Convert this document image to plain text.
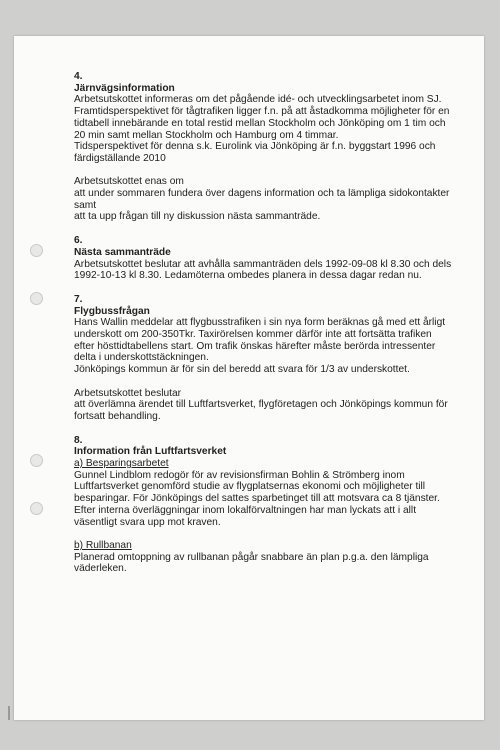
4.

Järnvägsinformation

Arbetsutskottet informeras om det pågående idé- och utvecklingsarbetet inom SJ. Framtidsperspektivet för tågtrafiken ligger f.n. på att åstadkomma möjligheter för en tidtabell innebärande en total restid mellan Stockholm och Jönköping om 1 tim och 20 min samt mellan Stockholm och Hamburg om 4 timmar.

Tidsperspektivet för denna s.k. Eurolink via Jönköping är f.n. byggstart 1996 och färdigställande 2010

Arbetsutskottet enas om

att under sommaren fundera över dagens information och ta lämpliga sidokontakter samt

att ta upp frågan till ny diskussion nästa sammanträde.

6.

Nästa sammanträde

Arbetsutskottet beslutar att avhålla sammanträden dels 1992-09-08 kl 8.30 och dels 1992-10-13 kl 8.30. Ledamöterna ombedes planera in dessa dagar redan nu.

7.

Flygbussfrågan

Hans Wallin meddelar att flygbusstrafiken i sin nya form beräknas gå med ett årligt underskott om 200-350Tkr. Taxirörelsen kommer därför inte att fortsätta trafiken efter hösttidtabellens start. Om trafik önskas härefter måste berörda intressenter delta i underskottstäckningen.

Jönköpings kommun är för sin del beredd att svara för 1/3 av underskottet.

Arbetsutskottet beslutar

att överlämna ärendet till Luftfartsverket, flygföretagen och Jönköpings kommun för fortsatt behandling.

8.

Information från Luftfartsverket

a) Besparingsarbetet

Gunnel Lindblom redogör för av revisionsfirman Bohlin & Strömberg inom Luftfartsverket genomförd studie av flygplatsernas ekonomi och möjligheter till besparingar. För Jönköpings del sattes sparbetinget till att motsvara ca 8 tjänster.

Efter interna överläggningar inom lokalförvaltningen har man lyckats att i allt väsentligt svara upp mot kraven.

b) Rullbanan

Planerad omtoppning av rullbanan pågår snabbare än plan p.g.a. den lämpliga väderleken.
